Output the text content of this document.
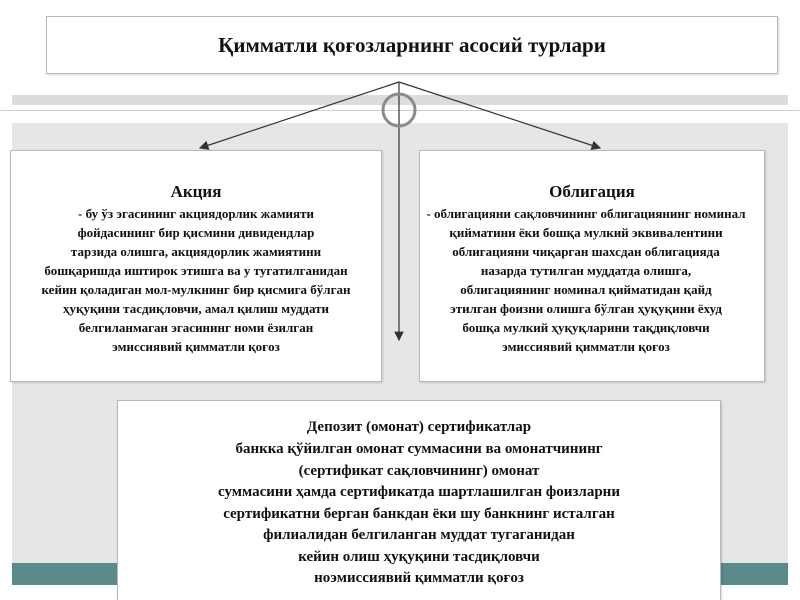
Қимматли қоғозларнинг асосий турлари
Акция
- бу ўз эгасининг акциядорлик жамияти
фойдасининг бир қисмини дивидендлар
тарзида олишга, акциядорлик жамиятини
бошқаришда иштирок этишга ва у тугатилганидан
кейин қоладиган мол-мулкнинг бир қисмига бўлган
ҳуқуқини тасдиқловчи, амал қилиш муддати
белгиланмаган эгасининг номи ёзилган
эмиссиявий қимматли қоғоз
Облигация
- облигацияни сақловчининг облигациянинг номинал
қийматини ёки бошқа мулкий эквивалентини
облигацияни чиқарган шахсдан облигацияда
назарда тутилган муддатда олишга,
облигациянинг номинал қийматидан қайд
этилган фоизни олишга бўлган ҳуқуқини ёхуд
бошқа мулкий ҳуқуқларини тақдиқловчи
эмиссиявий қимматли қоғоз
Депозит (омонат) сертификатлар
банкка қўйилган омонат суммасини ва омонатчининг
(сертификат сақловчининг) омонат
суммасини ҳамда сертификатда шартлашилган фоизларни
сертификатни берган банкдан ёки шу банкнинг исталган
филиалидан белгиланган муддат тугаганидан
кейин олиш ҳуқуқини тасдиқловчи
ноэмиссиявий қимматли қоғоз
